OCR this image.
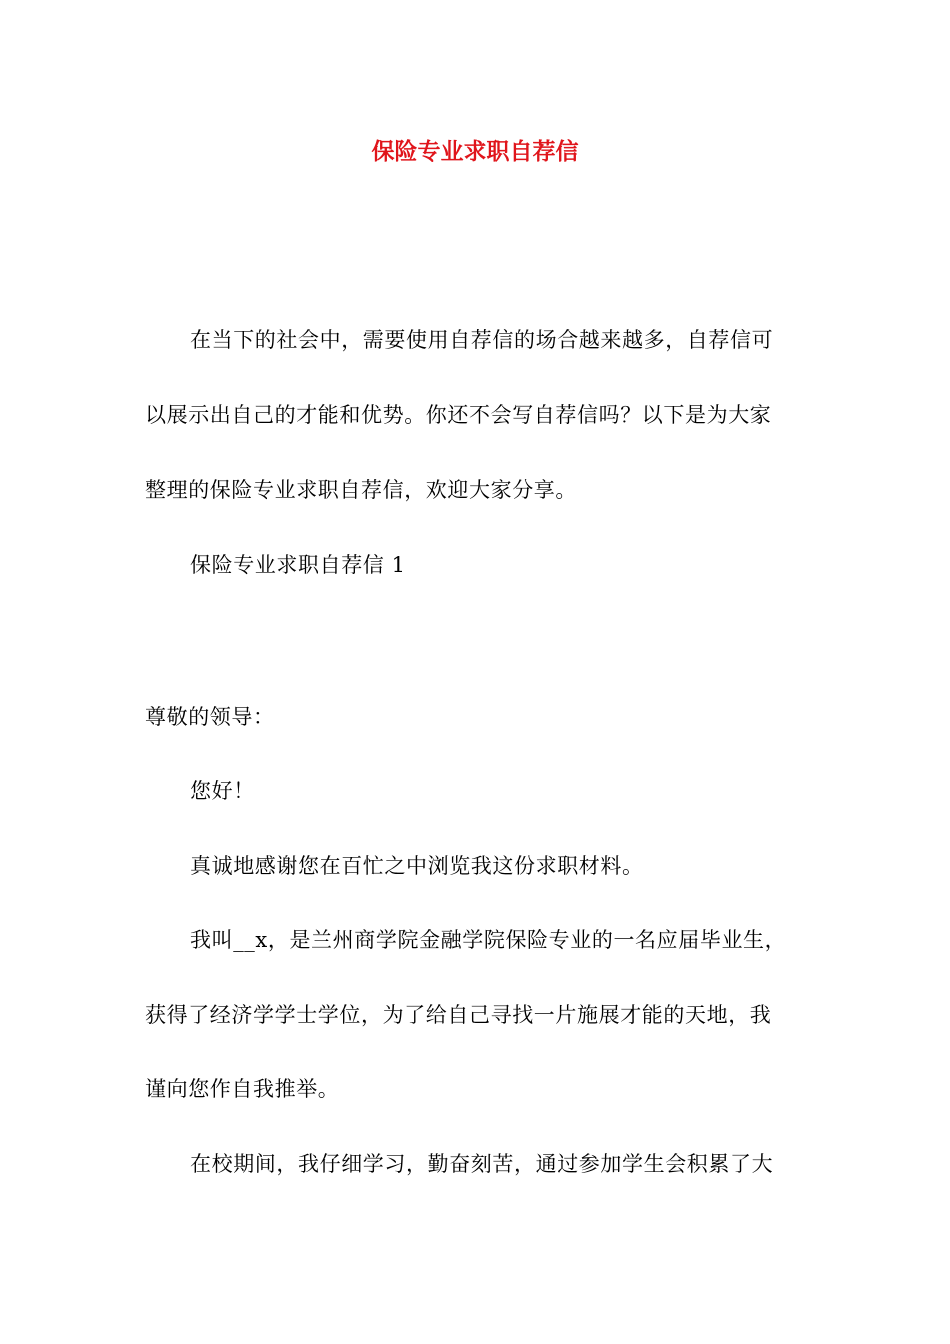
保险专业求职自荐信
在当下的社会中，需要使用自荐信的场合越来越多，自荐信可
以展示出自己的才能和优势。你还不会写自荐信吗？以下是为大家
整理的保险专业求职自荐信，欢迎大家分享。
保险专业求职自荐信 1
尊敬的领导：
您好！
真诚地感谢您在百忙之中浏览我这份求职材料。
我叫__x，是兰州商学院金融学院保险专业的一名应届毕业生，
获得了经济学学士学位，为了给自己寻找一片施展才能的天地，我
谨向您作自我推举。
在校期间，我仔细学习，勤奋刻苦，通过参加学生会积累了大
